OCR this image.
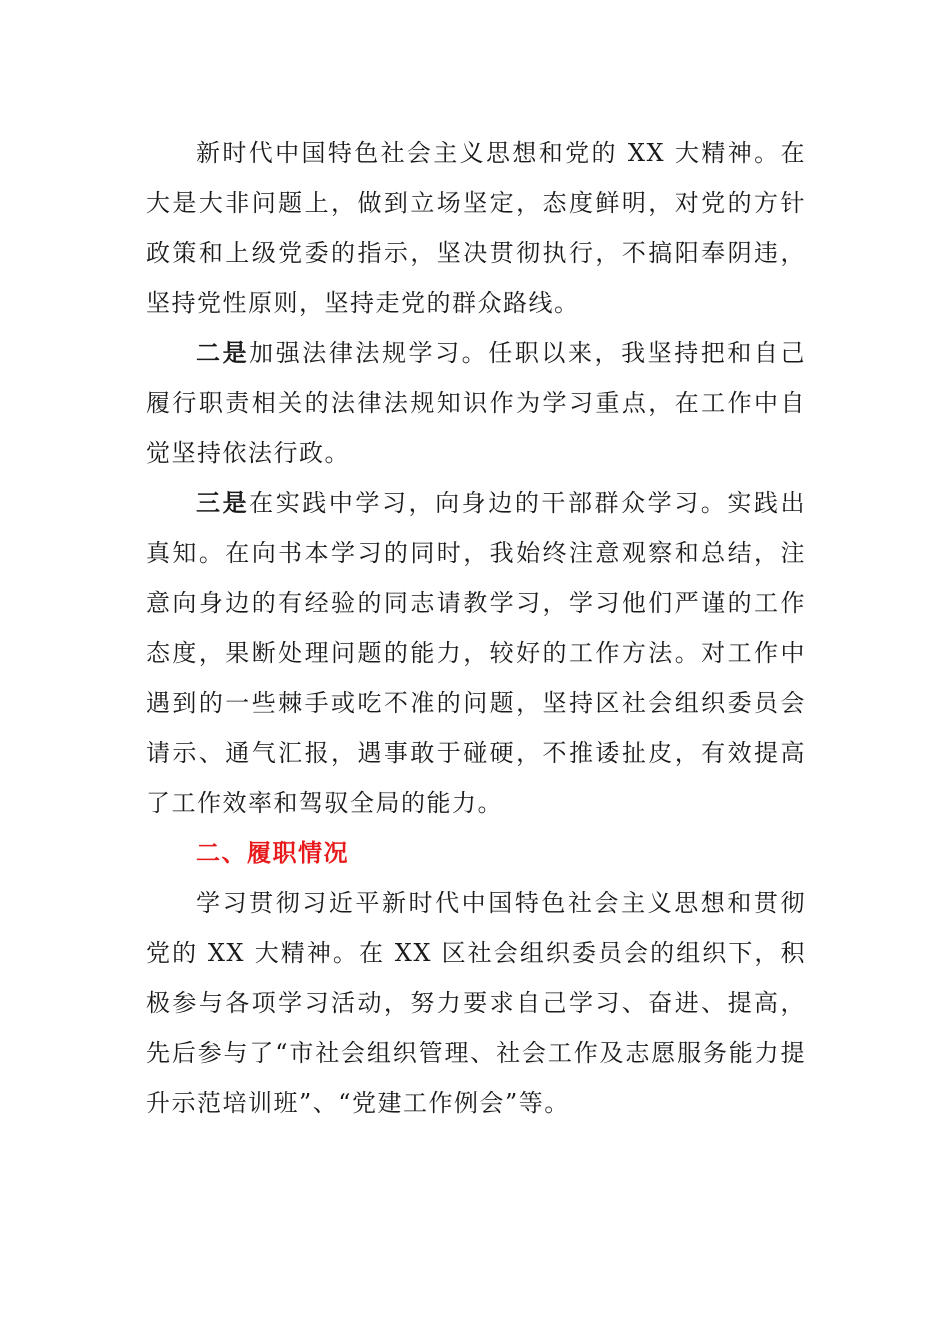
新时代中国特色社会主义思想和党的 XX 大精神。在大是大非问题上，做到立场坚定，态度鲜明，对党的方针政策和上级党委的指示，坚决贯彻执行，不搞阳奉阴违，坚持党性原则，坚持走党的群众路线。

二是加强法律法规学习。任职以来，我坚持把和自己履行职责相关的法律法规知识作为学习重点，在工作中自觉坚持依法行政。

三是在实践中学习，向身边的干部群众学习。实践出真知。在向书本学习的同时，我始终注意观察和总结，注意向身边的有经验的同志请教学习，学习他们严谨的工作态度，果断处理问题的能力，较好的工作方法。对工作中遇到的一些棘手或吃不准的问题，坚持区社会组织委员会请示、通气汇报，遇事敢于碰硬，不推诿扯皮，有效提高了工作效率和驾驭全局的能力。

二、履职情况

学习贯彻习近平新时代中国特色社会主义思想和贯彻党的 XX 大精神。在 XX 区社会组织委员会的组织下，积极参与各项学习活动，努力要求自己学习、奋进、提高，先后参与了“市社会组织管理、社会工作及志愿服务能力提升示范培训班”、“党建工作例会”等。
